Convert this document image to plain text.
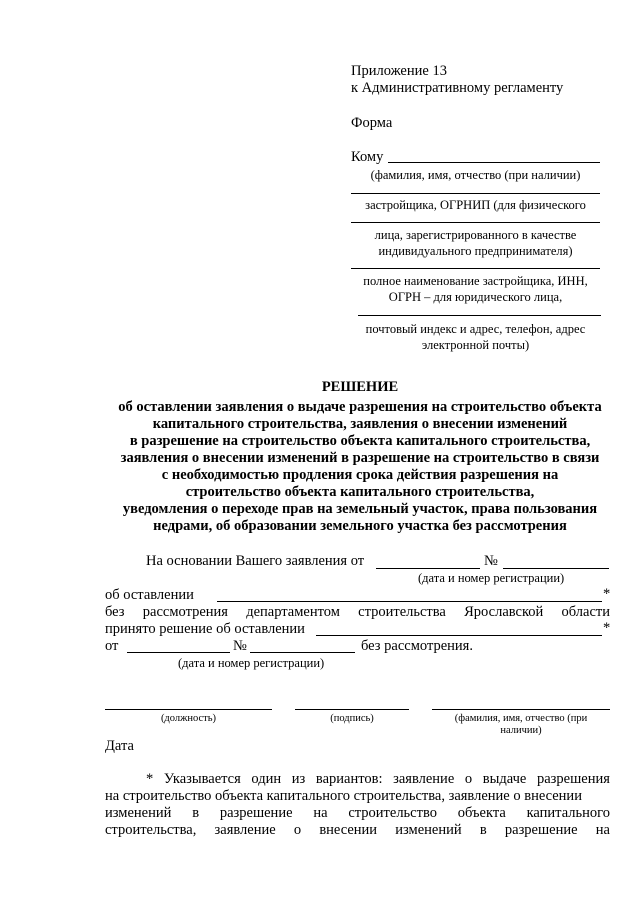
Приложение 13
к Административному регламенту
Форма
Кому
(фамилия, имя, отчество (при наличии)
застройщика, ОГРНИП (для физического
лица, зарегистрированного в качестве
индивидуального предпринимателя)
полное наименование застройщика, ИНН,
ОГРН – для юридического лица,
почтовый индекс и адрес, телефон, адрес
электронной почты)
РЕШЕНИЕ
об оставлении заявления о выдаче разрешения на строительство объекта
капитального строительства, заявления о внесении изменений
в разрешение на строительство объекта капитального строительства,
заявления о внесении изменений в разрешение на строительство в связи
с необходимостью продления срока действия разрешения на
строительство объекта капитального строительства,
уведомления о переходе прав на земельный участок, права пользования
недрами, об образовании земельного участка без рассмотрения
На основании Вашего заявления от	№
(дата и номер регистрации)
об оставлении	*
без рассмотрения департаментом строительства Ярославской области
принято решение об оставлении	*
от	№	без рассмотрения.
(дата и номер регистрации)
(должность)	(подпись)	(фамилия, имя, отчество (при
наличии)
Дата
* Указывается один из вариантов: заявление о выдаче разрешения
на строительство объекта капитального строительства, заявление о внесении
изменений в разрешение на строительство объекта капитального
строительства, заявление о внесении изменений в разрешение на
